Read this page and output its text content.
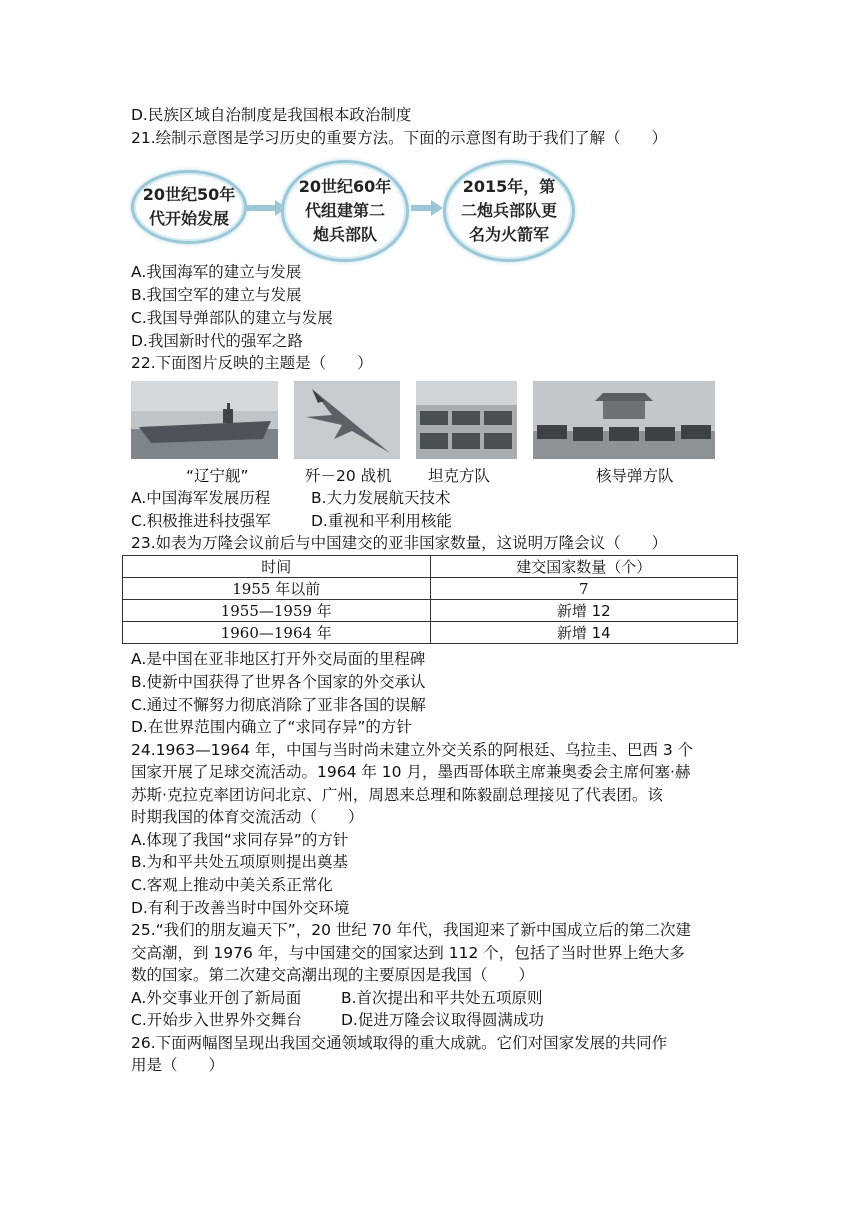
D.民族区域自治制度是我国根本政治制度
21.绘制示意图是学习历史的重要方法。下面的示意图有助于我们了解（　　）
20世纪50年
代开始发展
20世纪60年
代组建第二
炮兵部队
2015年，第
二炮兵部队更
名为火箭军
A.我国海军的建立与发展
B.我国空军的建立与发展
C.我国导弹部队的建立与发展
D.我国新时代的强军之路
22.下面图片反映的主题是（　　）
“辽宁舰”	歼－20 战机 坦克方队	核导弹方队
A.中国海军发展历程	B.大力发展航天技术
C.积极推进科技强军	D.重视和平利用核能
23.如表为万隆会议前后与中国建交的亚非国家数量，这说明万隆会议（　　）
时间	建交国家数量（个）
1955 年以前	7
1955—1959 年	新增 12
1960—1964 年	新增 14
A.是中国在亚非地区打开外交局面的里程碑
B.使新中国获得了世界各个国家的外交承认
C.通过不懈努力彻底消除了亚非各国的误解
D.在世界范围内确立了“求同存异”的方针
24.1963—1964 年，中国与当时尚未建立外交关系的阿根廷、乌拉圭、巴西 3 个
国家开展了足球交流活动。1964 年 10 月，墨西哥体联主席兼奥委会主席何塞·赫
苏斯·克拉克率团访问北京、广州，周恩来总理和陈毅副总理接见了代表团。该
时期我国的体育交流活动（　　）
A.体现了我国“求同存异”的方针
B.为和平共处五项原则提出奠基
C.客观上推动中美关系正常化
D.有利于改善当时中国外交环境
25.“我们的朋友遍天下”，20 世纪 70 年代，我国迎来了新中国成立后的第二次建
交高潮，到 1976 年，与中国建交的国家达到 112 个，包括了当时世界上绝大多
数的国家。第二次建交高潮出现的主要原因是我国（　　）
A.外交事业开创了新局面	B.首次提出和平共处五项原则
C.开始步入世界外交舞台	D.促进万隆会议取得圆满成功
26.下面两幅图呈现出我国交通领域取得的重大成就。它们对国家发展的共同作
用是（　　）
